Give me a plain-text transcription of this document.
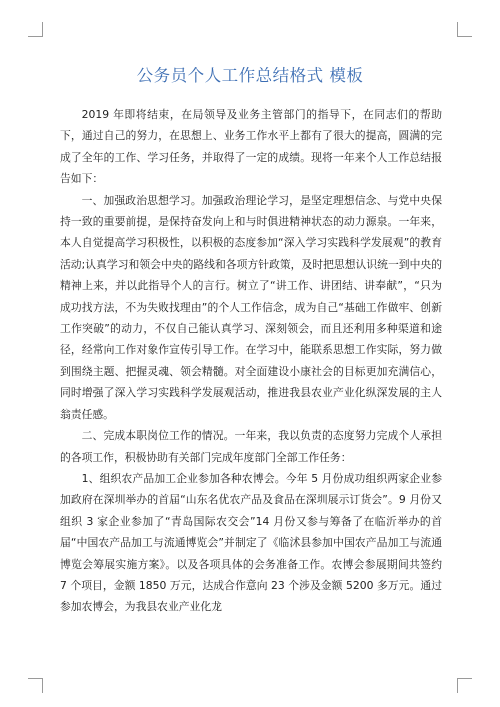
公务员个人工作总结格式 模板

2019 年即将结束，在局领导及业务主管部门的指导下，在同志们的帮助下，通过自己的努力，在思想上、业务工作水平上都有了很大的提高，圆满的完成了全年的工作、学习任务，并取得了一定的成绩。现将一年来个人工作总结报告如下：

一、加强政治思想学习。加强政治理论学习，是坚定理想信念、与党中央保持一致的重要前提，是保持奋发向上和与时俱进精神状态的动力源泉。一年来，本人自觉提高学习积极性，以积极的态度参加“深入学习实践科学发展观”的教育活动;认真学习和领会中央的路线和各项方针政策，及时把思想认识统一到中央的精神上来，并以此指导个人的言行。树立了“讲工作、讲团结、讲奉献”，“只为成功找方法，不为失败找理由”的个人工作信念，成为自己“基础工作做牢、创新工作突破”的动力，不仅自己能认真学习、深刻领会，而且还利用多种渠道和途径，经常向工作对象作宣传引导工作。在学习中，能联系思想工作实际，努力做到围绕主题、把握灵魂、领会精髓。对全面建设小康社会的目标更加充满信心，同时增强了深入学习实践科学发展观活动，推进我县农业产业化纵深发展的主人翁责任感。

二、完成本职岗位工作的情况。一年来，我以负责的态度努力完成个人承担的各项工作，积极协助有关部门完成年度部门全部工作任务：

1、组织农产品加工企业参加各种农博会。今年 5 月份成功组织两家企业参加政府在深圳举办的首届“山东名优农产品及食品在深圳展示订货会”。9 月份又组织 3 家企业参加了“青岛国际农交会”14 月份又参与筹备了在临沂举办的首届“中国农产品加工与流通博览会”并制定了《临沭县参加中国农产品加工与流通博览会筹展实施方案》。以及各项具体的会务准备工作。农博会参展期间共签约 7 个项目，金额 1850 万元，达成合作意向 23 个涉及金额 5200 多万元。通过参加农博会，为我县农业产业化龙
